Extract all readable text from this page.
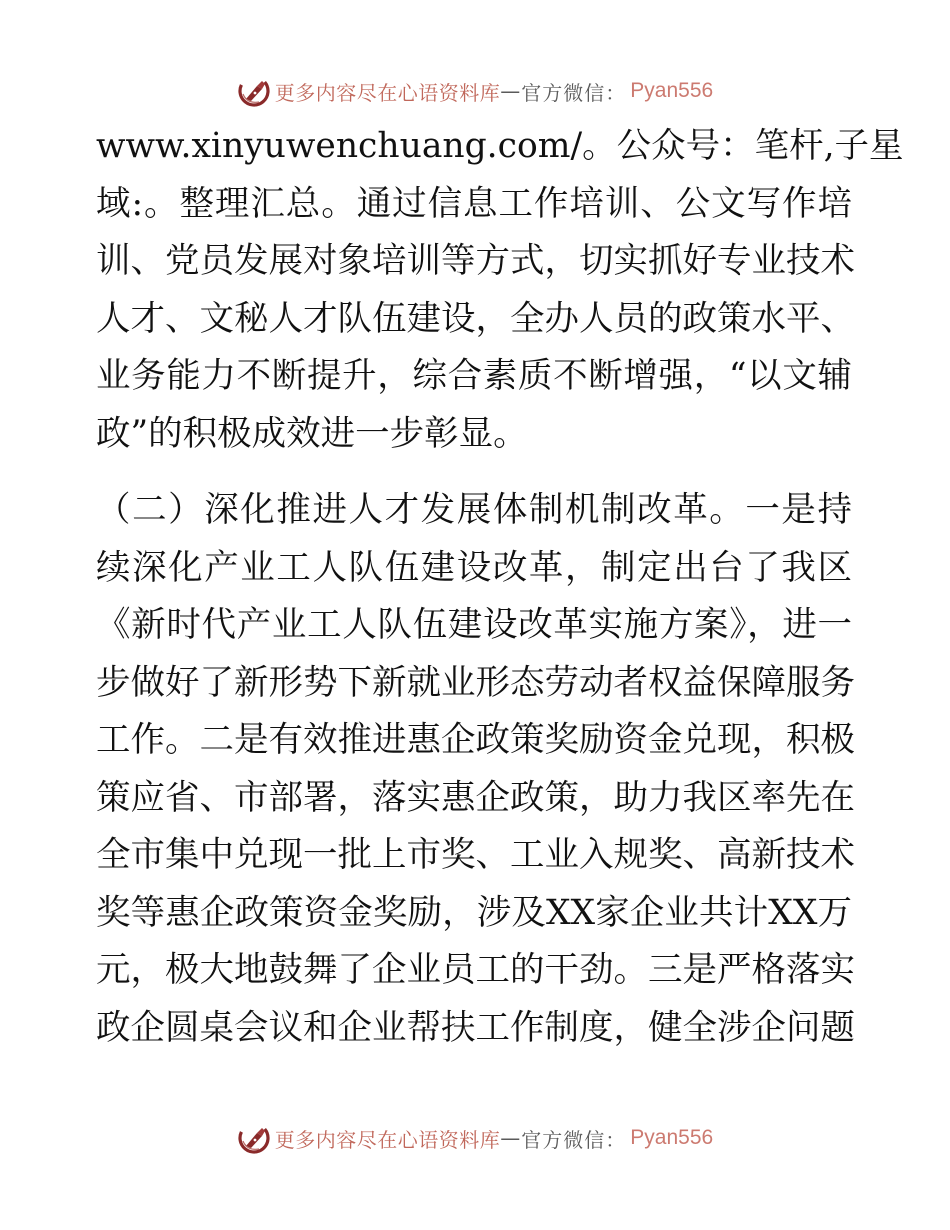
更多内容尽在心语资料库 — 官方微信： Pyan556

www.xinyuwenchuang.com/。公众号：笔杆,子星
域:。整理汇总。通过信息工作培训、公文写作培
训、党员发展对象培训等方式，切实抓好专业技术
人才、文秘人才队伍建设，全办人员的政策水平、
业务能力不断提升，综合素质不断增强，“以文辅
政”的积极成效进一步彰显。

（二）深化推进人才发展体制机制改革。一是持
续深化产业工人队伍建设改革，制定出台了我区
《新时代产业工人队伍建设改革实施方案》，进一
步做好了新形势下新就业形态劳动者权益保障服务
工作。二是有效推进惠企政策奖励资金兑现，积极
策应省、市部署，落实惠企政策，助力我区率先在
全市集中兑现一批上市奖、工业入规奖、高新技术
奖等惠企政策资金奖励，涉及XX家企业共计XX万
元，极大地鼓舞了企业员工的干劲。三是严格落实
政企圆桌会议和企业帮扶工作制度，健全涉企问题

更多内容尽在心语资料库 — 官方微信： Pyan556
